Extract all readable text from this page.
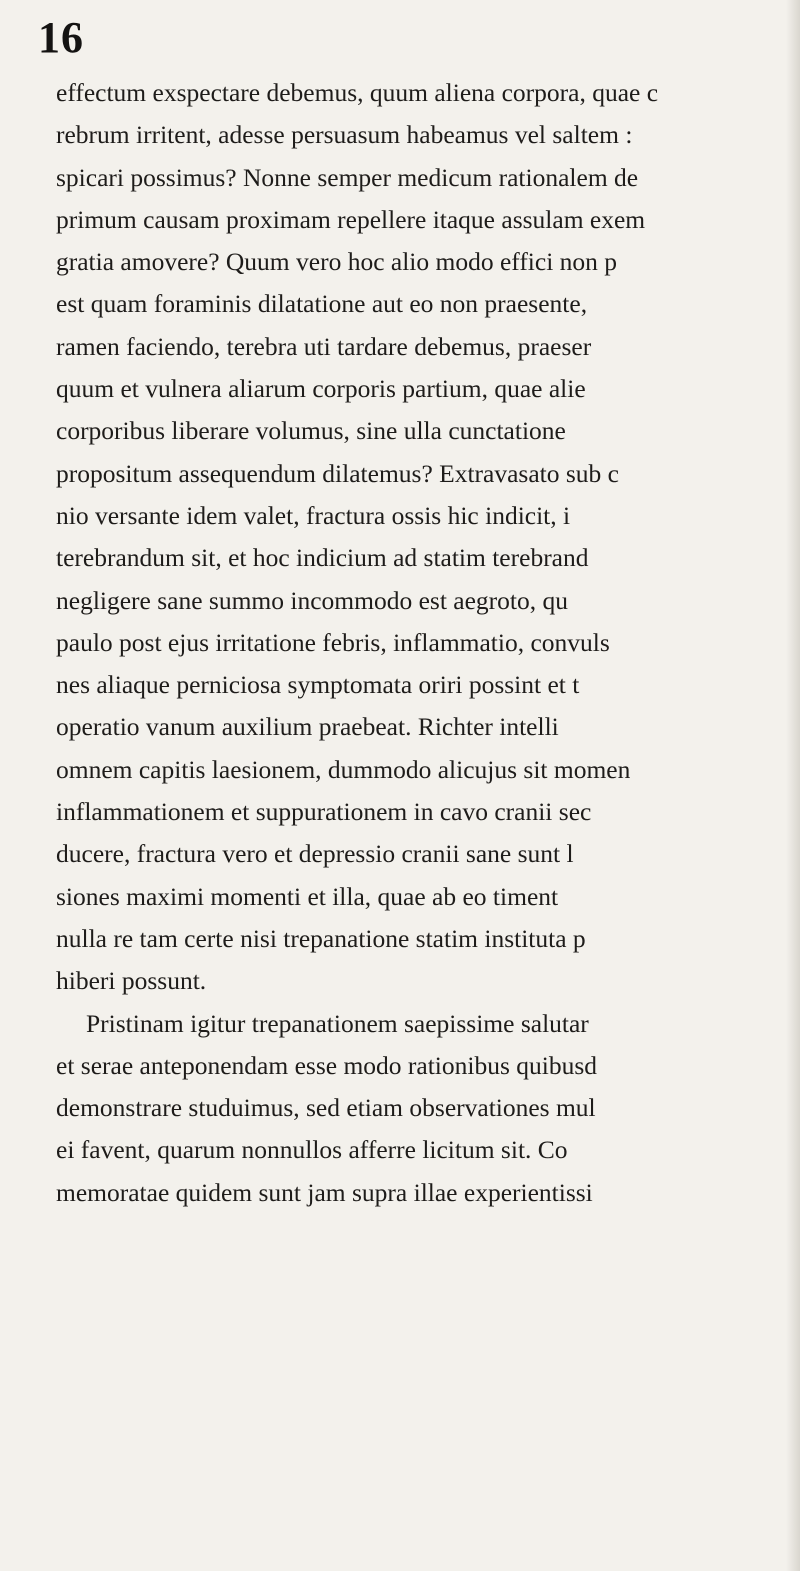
16
effectum exspectare debemus, quum aliena corpora, quae c
rebrum irritent, adesse persuasum habeamus vel saltem :
spicari possimus? Nonne semper medicum rationalem de
primum causam proximam repellere itaque assulam exem
gratia amovere? Quum vero hoc alio modo effici non p
est quam foraminis dilatatione aut eo non praesente,
ramen faciendo, terebra uti tardare debemus, praeser
quum et vulnera aliarum corporis partium, quae alie
corporibus liberare volumus, sine ulla cunctatione
propositum assequendum dilatemus? Extravasato sub c
nio versante idem valet, fractura ossis hic indicit, i
terebrandum sit, et hoc indicium ad statim terebrand
negligere sane summo incommodo est aegroto, qu
paulo post ejus irritatione febris, inflammatio, convuls
nes aliaque perniciosa symptomata oriri possint et t
operatio vanum auxilium praebeat. Richter intelli
omnem capitis laesionem, dummodo alicujus sit momen
inflammationem et suppurationem in cavo cranii sec
ducere, fractura vero et depressio cranii sane sunt l
siones maximi momenti et illa, quae ab eo timent
nulla re tam certe nisi trepanatione statim instituta p
hiberi possunt.
Pristinam igitur trepanationem saepissime salutar
et serae anteponendam esse modo rationibus quibusd
demonstrare studuimus, sed etiam observationes mul
ei favent, quarum nonnullos afferre licitum sit. Co
memoratae quidem sunt jam supra illae experientissi
